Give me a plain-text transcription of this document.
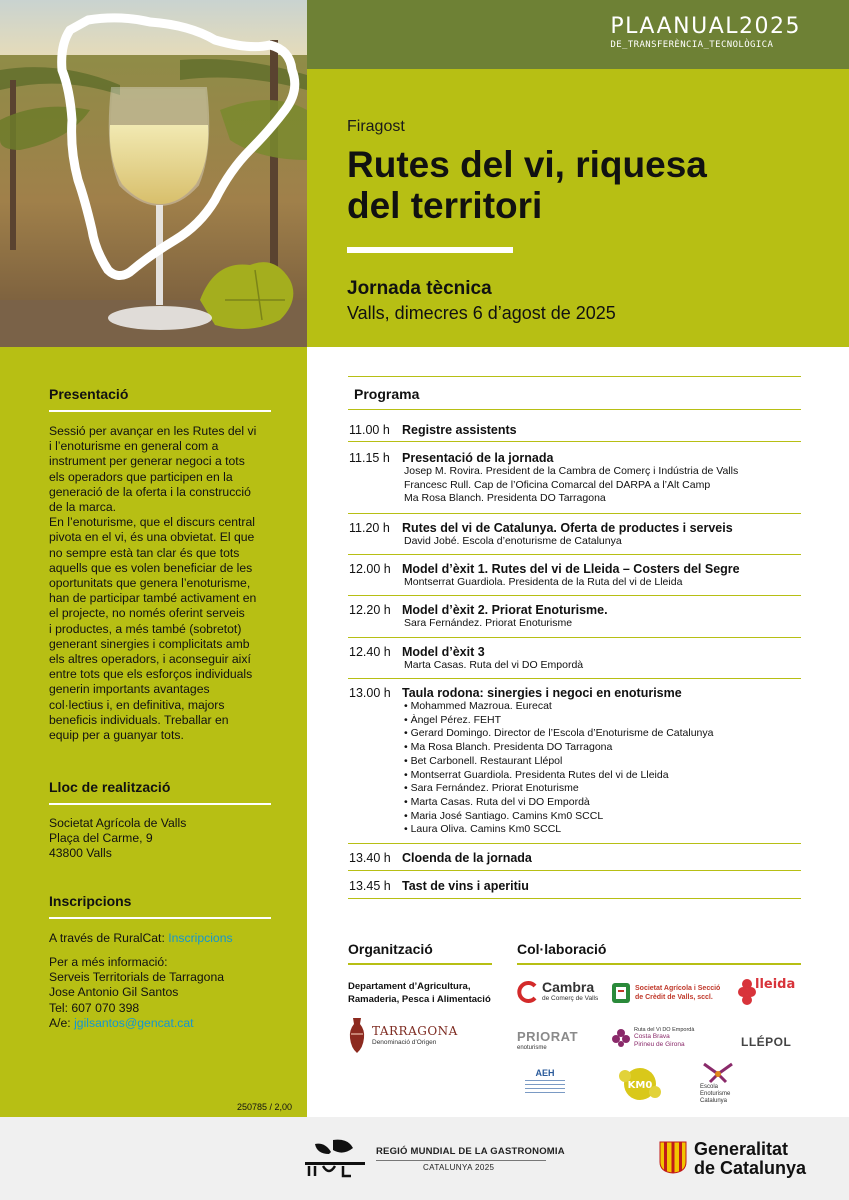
PLAANUAL2025
DE_TRANSFERÈNCIA_TECNOLÒGICA
Firagost
Rutes del vi, riquesa
del territori
Jornada tècnica
Valls, dimecres 6 d’agost de 2025
Presentació
Sessió per avançar en les Rutes del vi
i l’enoturisme en general com a
instrument per generar negoci a tots
els operadors que participen en la
generació de la oferta i la construcció
de la marca.
En l’enoturisme, que el discurs central
pivota en el vi, és una obvietat. El que
no sempre està tan clar és que tots
aquells que es volen beneficiar de les
oportunitats que genera l’enoturisme,
han de participar també activament en
el projecte, no només oferint serveis
i productes, a més també (sobretot)
generant sinergies i complicitats amb
els altres operadors, i aconseguir així
entre tots que els esforços individuals
generin importants avantages
col·lectius i, en definitiva, majors
beneficis individuals. Treballar en
equip per a guanyar tots.
Lloc de realització
Societat Agrícola de Valls
Plaça del Carme, 9
43800 Valls
Inscripcions
A través de RuralCat: Inscripcions
Per a més informació:
Serveis Territorials de Tarragona
Jose Antonio Gil Santos
Tel: 607 070 398
A/e: jgilsantos@gencat.cat
250785 / 2,00
Programa
11.00 h Registre assistents
11.15 h Presentació de la jornada
Josep M. Rovira. President de la Cambra de Comerç i Indústria de Valls
Francesc Rull. Cap de l’Oficina Comarcal del DARPA a l’Alt Camp
Ma Rosa Blanch. Presidenta DO Tarragona
11.20 h Rutes del vi de Catalunya. Oferta de productes i serveis
David Jobé. Escola d’enoturisme de Catalunya
12.00 h Model d’èxit 1. Rutes del vi de Lleida – Costers del Segre
Montserrat Guardiola. Presidenta de la Ruta del vi de Lleida
12.20 h Model d’èxit 2. Priorat Enoturisme.
Sara Fernández. Priorat Enoturisme
12.40 h Model d’èxit 3
Marta Casas. Ruta del vi DO Empordà
13.00 h Taula rodona: sinergies i negoci en enoturisme
• Mohammed Mazroua. Eurecat
• Àngel Pérez. FEHT
• Gerard Domingo. Director de l’Escola d’Enoturisme de Catalunya
• Ma Rosa Blanch. Presidenta DO Tarragona
• Bet Carbonell. Restaurant Llépol
• Montserrat Guardiola. Presidenta Rutes del vi de Lleida
• Sara Fernández. Priorat Enoturisme
• Marta Casas. Ruta del vi DO Empordà
• Maria José Santiago. Camins Km0 SCCL
• Laura Oliva. Camins Km0 SCCL
13.40 h Cloenda de la jornada
13.45 h Tast de vins i aperitiu
Organització
Departament d’Agricultura,
Ramaderia, Pesca i Alimentació
TARRAGONA
Denominació d’Origen
Col·laboració
Cambra
de Comerç de Valls
Societat Agrícola i Secció
de Crèdit de Valls, sccl.
lleida
PRIORAT
enoturisme
Ruta del Vi DO Empordà
Costa Brava
Pirineu de Girona	LLÉPOL
AEH
KM0	Escola
Enoturisme
Catalunya
REGIÓ MUNDIAL DE LA GASTRONOMIA
CATALUNYA 2025
Generalitat
de Catalunya
